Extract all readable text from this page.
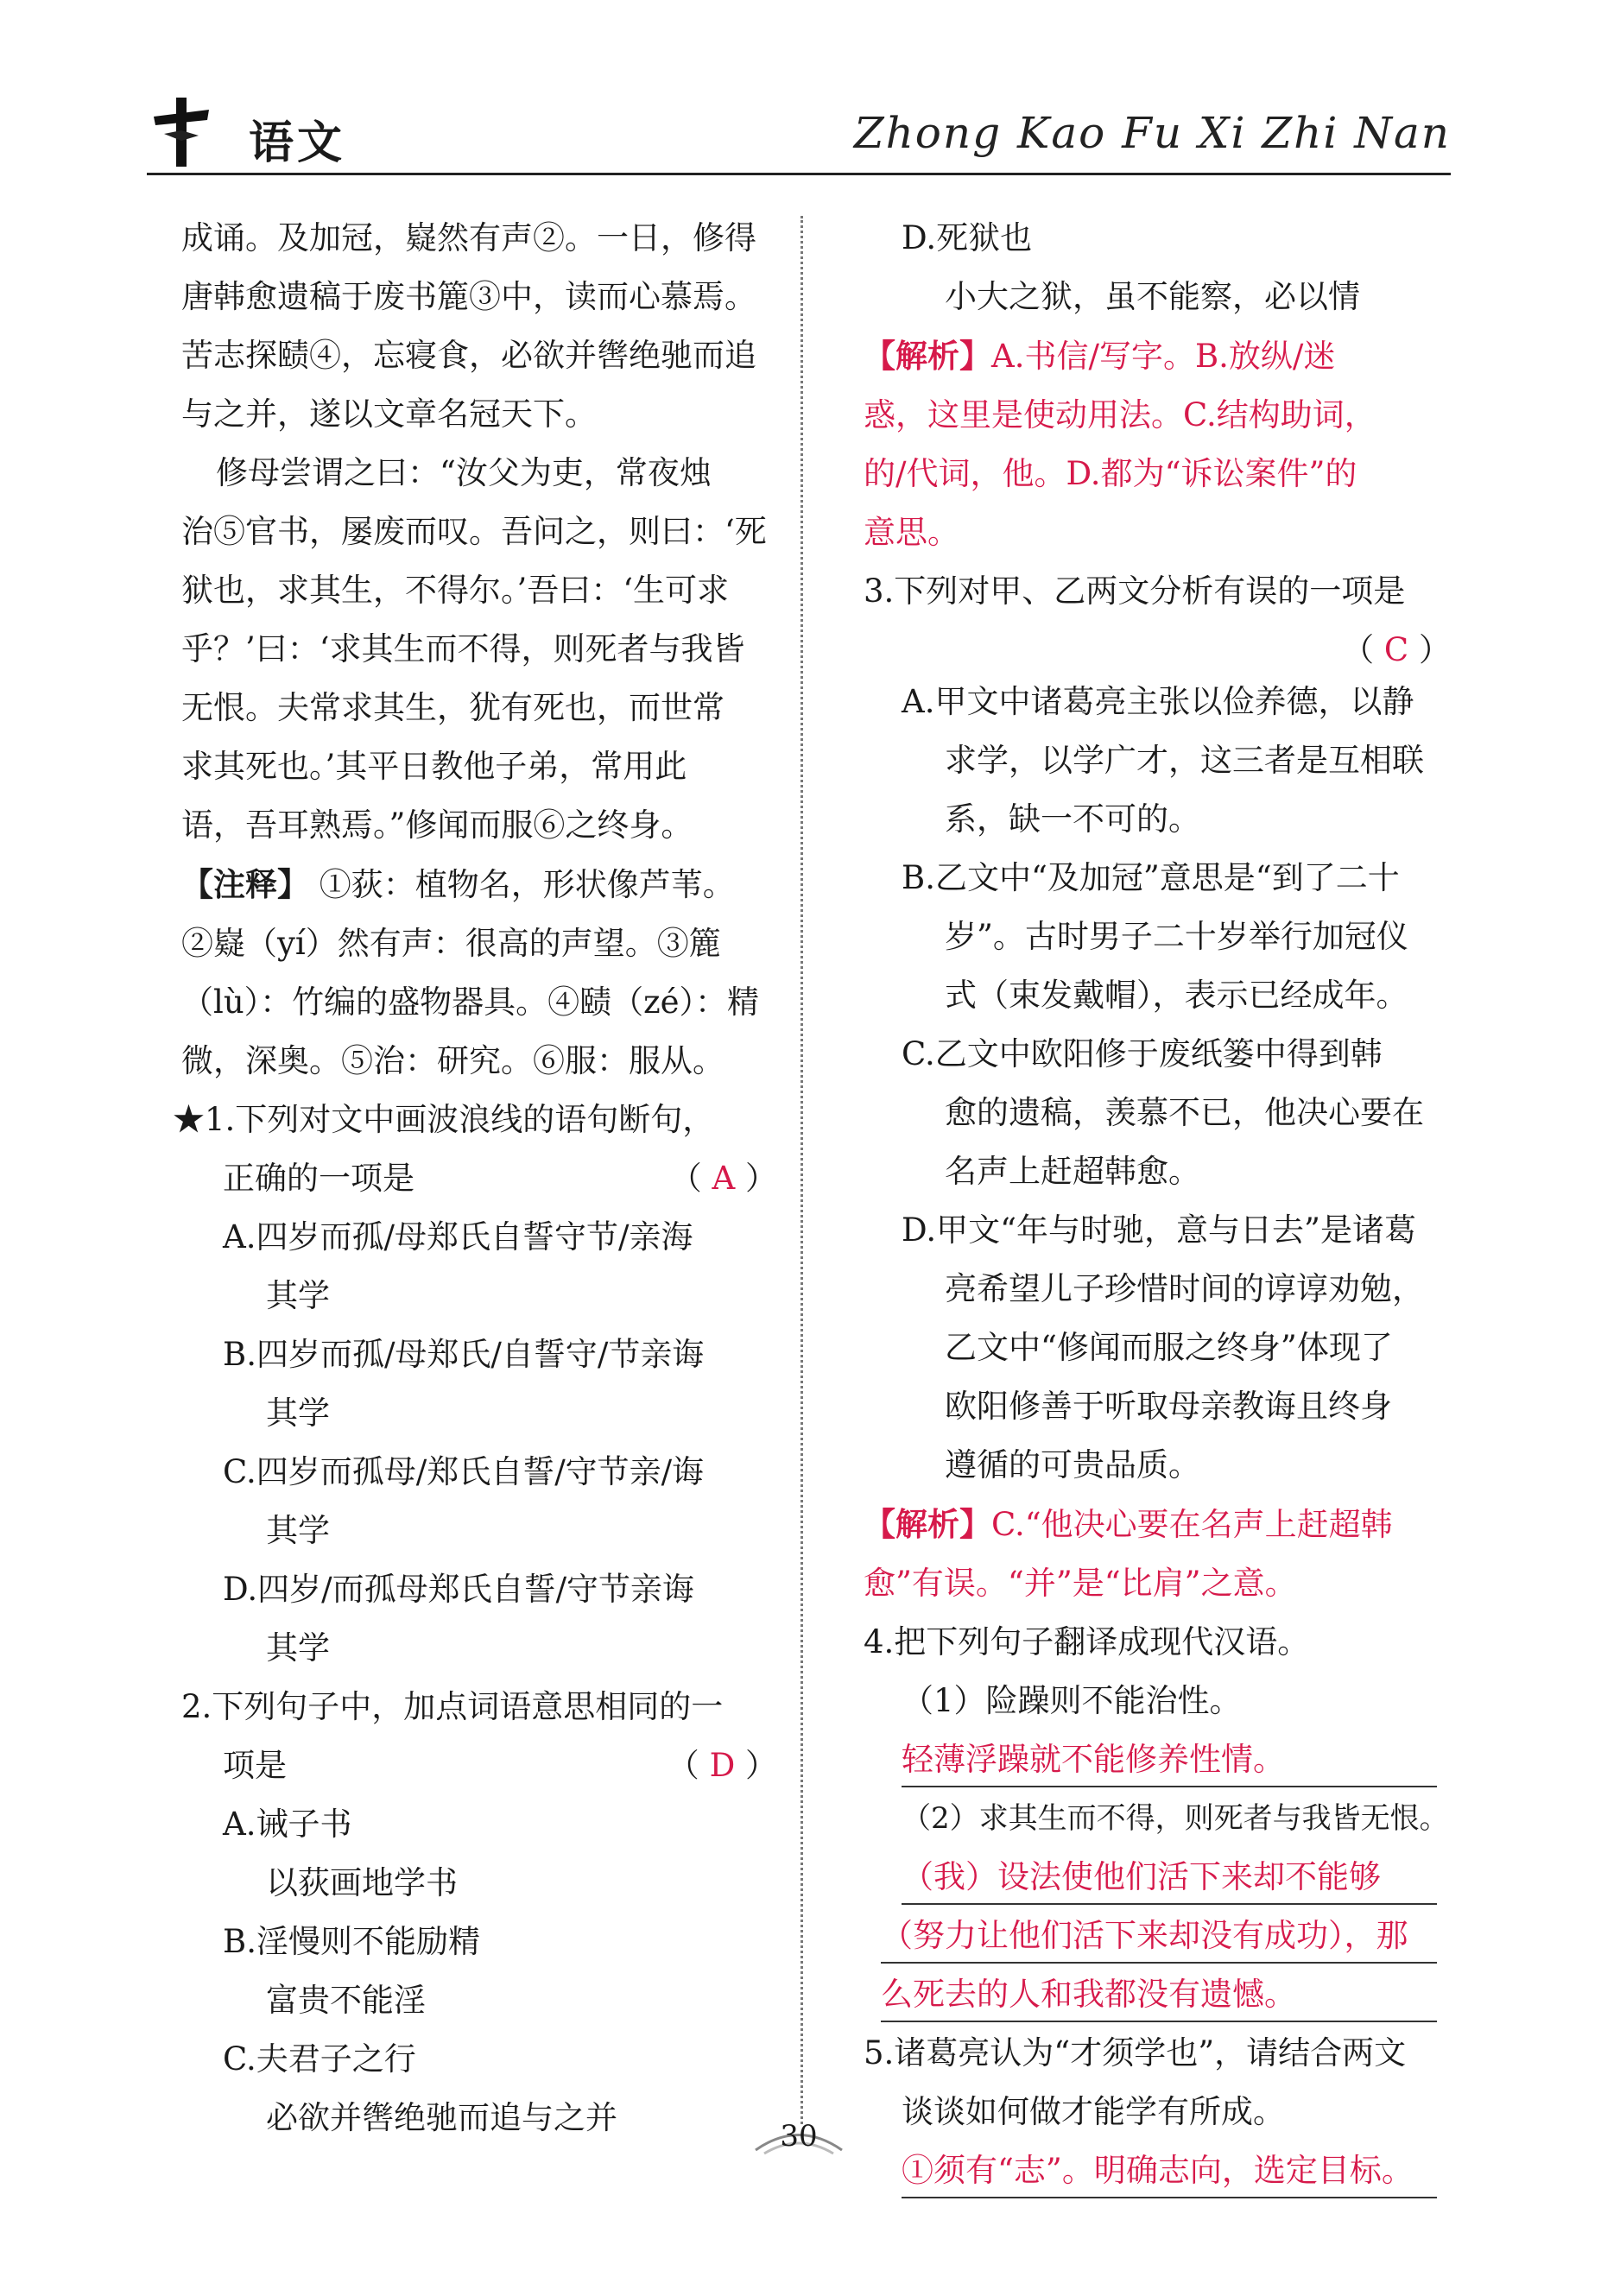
语文	Zhong Kao Fu Xi Zhi Nan
成诵。及加冠，嶷然有声②。一日，修得
唐韩愈遗稿于废书簏③中，读而心慕焉。
苦志探赜④，忘寝食，必欲并辔绝驰而追
与之并，遂以文章名冠天下。
修母尝谓之曰：“汝父为吏，常夜烛
治⑤官书，屡废而叹。吾问之，则曰：‘死
狱也，求其生，不得尔。’吾曰：‘生可求
乎？’曰：‘求其生而不得，则死者与我皆
无恨。夫常求其生，犹有死也，而世常
求其死也。’其平日教他子弟，常用此
语，吾耳熟焉。”修闻而服⑥之终身。
【注释】 ①荻：植物名，形状像芦苇。
②嶷（yí）然有声：很高的声望。③簏
（lù）：竹编的盛物器具。④赜（zé）：精
微，深奥。⑤治：研究。⑥服：服从。
★1.下列对文中画波浪线的语句断句，
正确的一项是	（ A ）
A.四岁而孤/母郑氏自誓守节/亲海
其学
B.四岁而孤/母郑氏/自誓守/节亲诲
其学
C.四岁而孤母/郑氏自誓/守节亲/诲
其学
D.四岁/而孤母郑氏自誓/守节亲诲
其学
2.下列句子中，加点词语意思相同的一
项是	（ D ）
A.诫子书
以荻画地学书
B.淫慢则不能励精
富贵不能淫
C.夫君子之行
必欲并辔绝驰而追与之并
D.死狱也
小大之狱，虽不能察，必以情
【解析】A.书信/写字。B.放纵/迷
惑，这里是使动用法。C.结构助词，
的/代词，他。D.都为“诉讼案件”的
意思。
3.下列对甲、乙两文分析有误的一项是
（ C ）
A.甲文中诸葛亮主张以俭养德，以静
求学，以学广才，这三者是互相联
系，缺一不可的。
B.乙文中“及加冠”意思是“到了二十
岁”。古时男子二十岁举行加冠仪
式（束发戴帽），表示已经成年。
C.乙文中欧阳修于废纸篓中得到韩
愈的遗稿，羡慕不已，他决心要在
名声上赶超韩愈。
D.甲文“年与时驰，意与日去”是诸葛
亮希望儿子珍惜时间的谆谆劝勉，
乙文中“修闻而服之终身”体现了
欧阳修善于听取母亲教诲且终身
遵循的可贵品质。
【解析】C.“他决心要在名声上赶超韩
愈”有误。“并”是“比肩”之意。
4.把下列句子翻译成现代汉语。
（1）险躁则不能治性。
轻薄浮躁就不能修养性情。
（2）求其生而不得，则死者与我皆无恨。
（我）设法使他们活下来却不能够
（努力让他们活下来却没有成功），那
么死去的人和我都没有遗憾。
5.诸葛亮认为“才须学也”，请结合两文
谈谈如何做才能学有所成。
①须有“志”。明确志向，选定目标。
30
